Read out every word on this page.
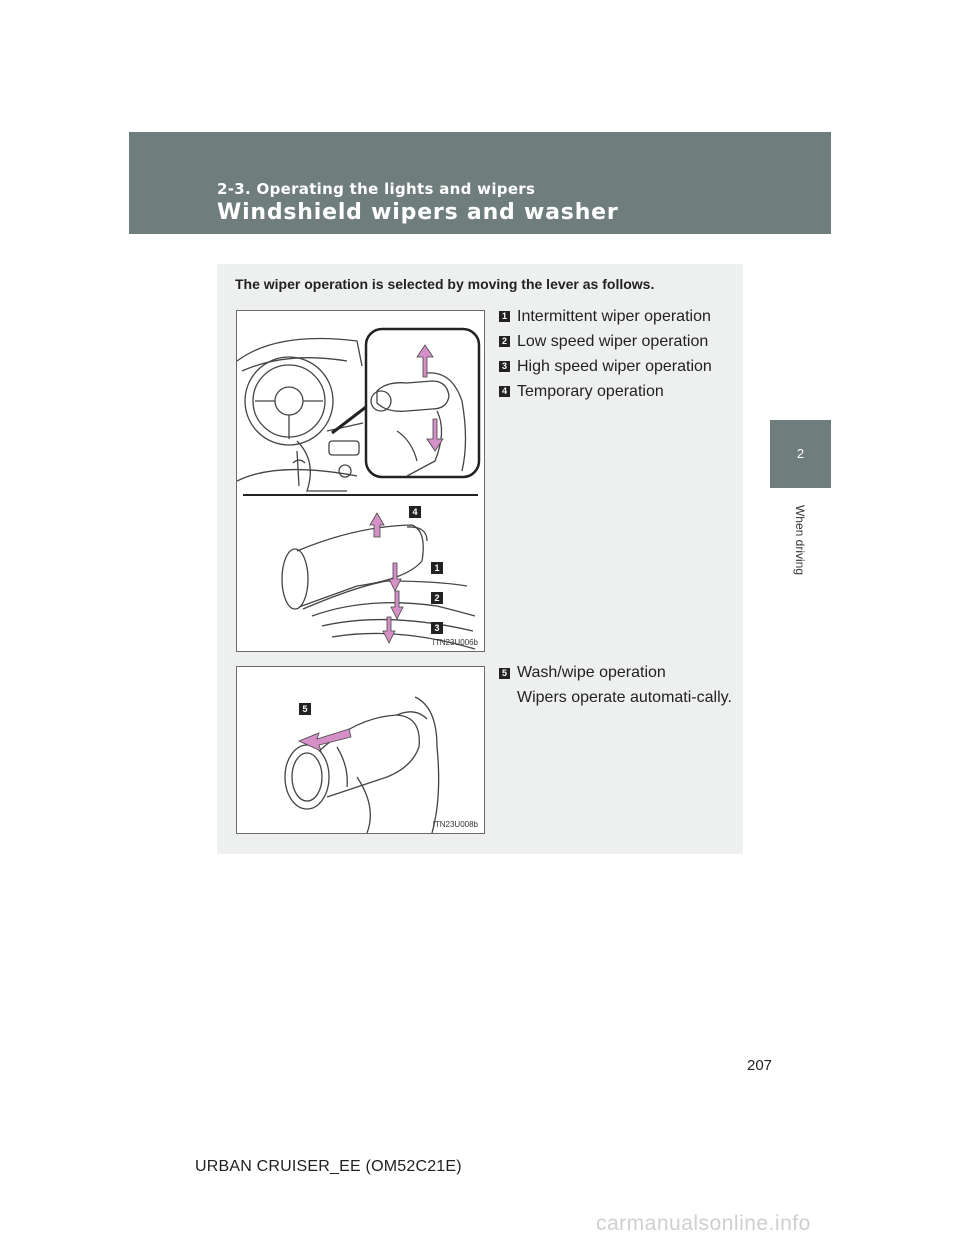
2-3. Operating the lights and wipers
Windshield wipers and washer
2
When driving
The wiper operation is selected by moving the lever as follows.
4
1
2
3
ITN23U006b
5
ITN23U008b
1 Intermittent wiper operation
2 Low speed wiper operation
3 High speed wiper operation
4 Temporary operation
5 Wash/wipe operation
Wipers operate automati-cally.
207
URBAN CRUISER_EE (OM52C21E)
carmanualsonline.info
